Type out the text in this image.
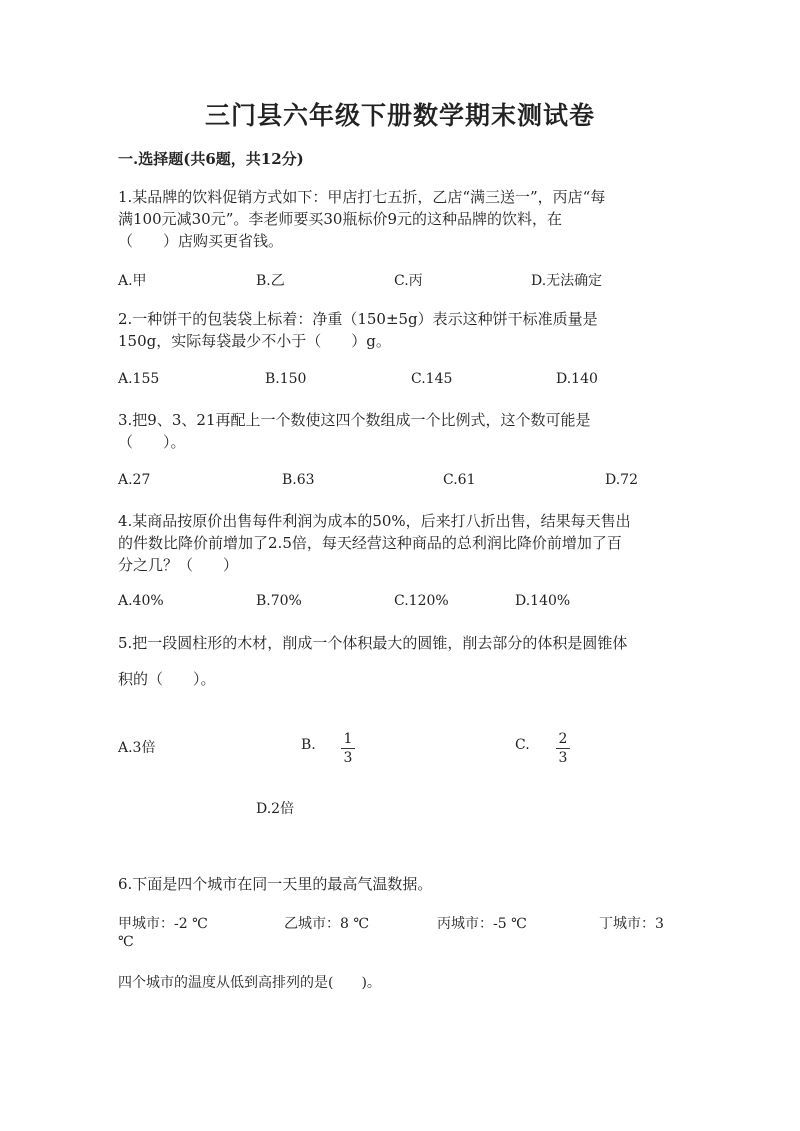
三门县六年级下册数学期末测试卷
一.选择题(共6题，共12分)
1.某品牌的饮料促销方式如下：甲店打七五折，乙店“满三送一”，丙店“每
满100元减30元”。李老师要买30瓶标价9元的这种品牌的饮料，在
（　　）店购买更省钱。
A.甲	B.乙	C.丙	D.无法确定
2.一种饼干的包装袋上标着：净重（150±5g）表示这种饼干标准质量是
150g，实际每袋最少不小于（　　）g。
A.155	B.150	C.145	D.140
3.把9、3、21再配上一个数使这四个数组成一个比例式，这个数可能是
（　　）。
A.27	B.63	C.61	D.72
4.某商品按原价出售每件利润为成本的50%，后来打八折出售，结果每天售出
的件数比降价前增加了2.5倍，每天经营这种商品的总利润比降价前增加了百
分之几？（　　）
A.40%	B.70%	C.120%	D.140%
5.把一段圆柱形的木材，削成一个体积最大的圆锥，削去部分的体积是圆锥体
积的（　　）。
A.3倍	B. 1
3
C. 2
3
D.2倍
6.下面是四个城市在同一天里的最高气温数据。
甲城市：-2 ℃	乙城市：8 ℃	丙城市：-5 ℃	丁城市：3
℃
四个城市的温度从低到高排列的是(　　)。
